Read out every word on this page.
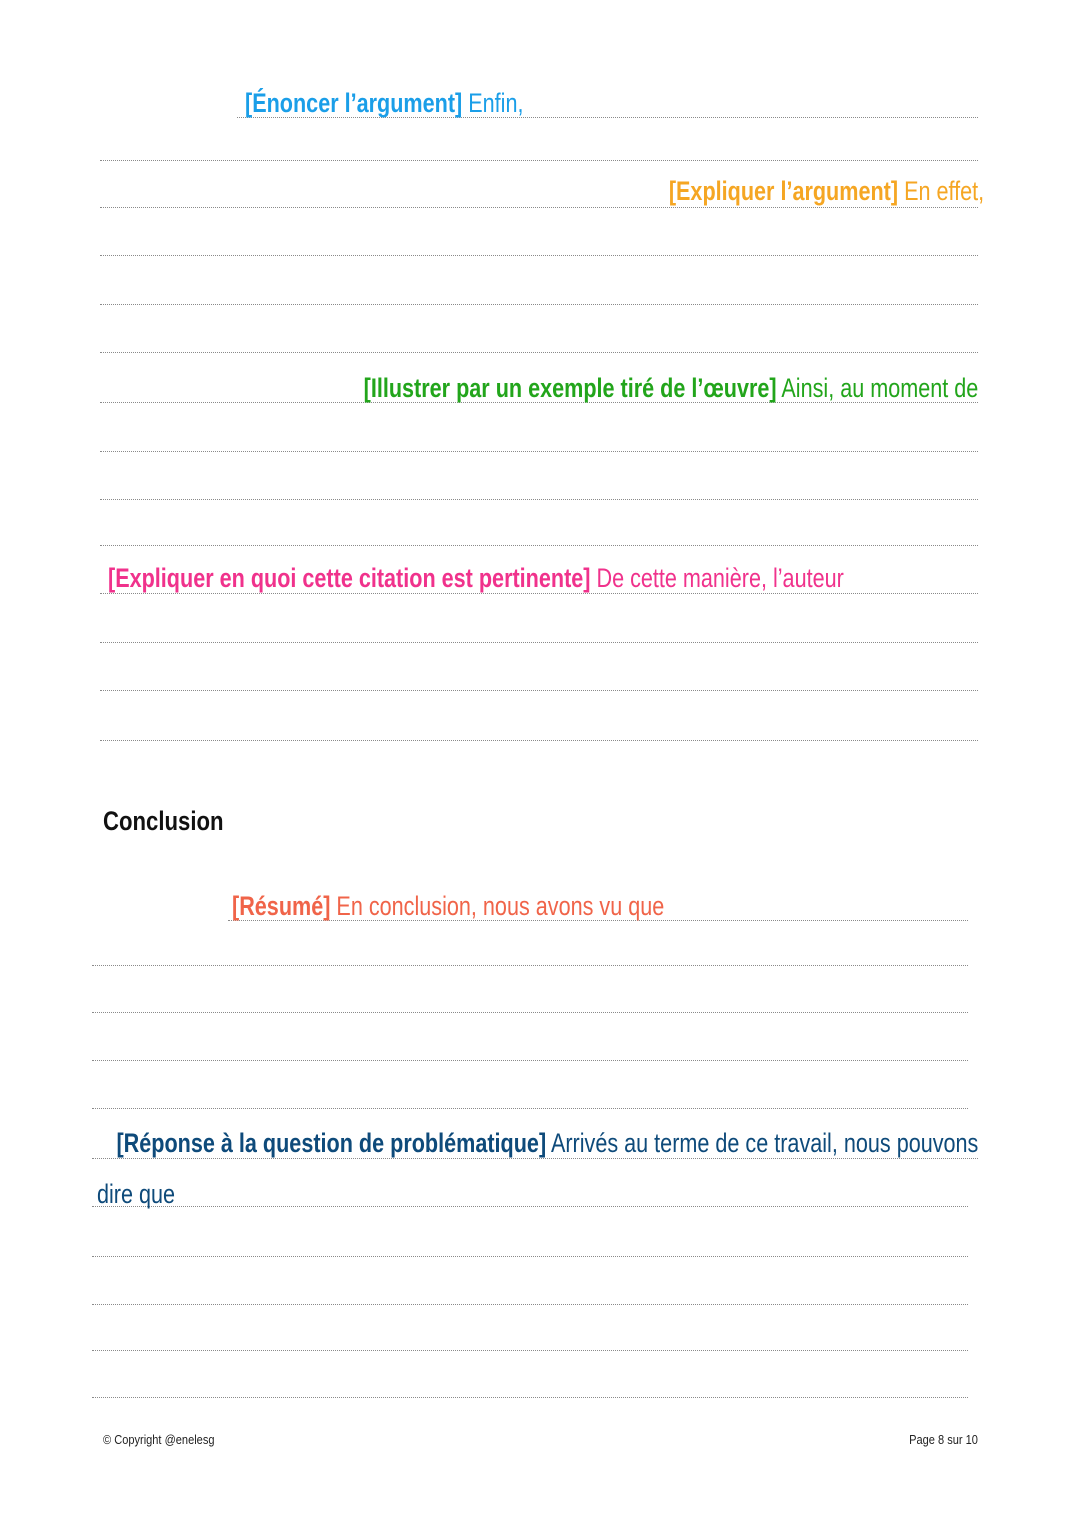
[Énoncer l’argument] Enfin,
[Expliquer l’argument] En effet,
[Illustrer par un exemple tiré de l’œuvre] Ainsi, au moment de
[Expliquer en quoi cette citation est pertinente] De cette manière, l’auteur
Conclusion
[Résumé] En conclusion, nous avons vu que
[Réponse à la question de problématique] Arrivés au terme de ce travail, nous pouvons
dire que
© Copyright @enelesg	Page 8 sur 10
